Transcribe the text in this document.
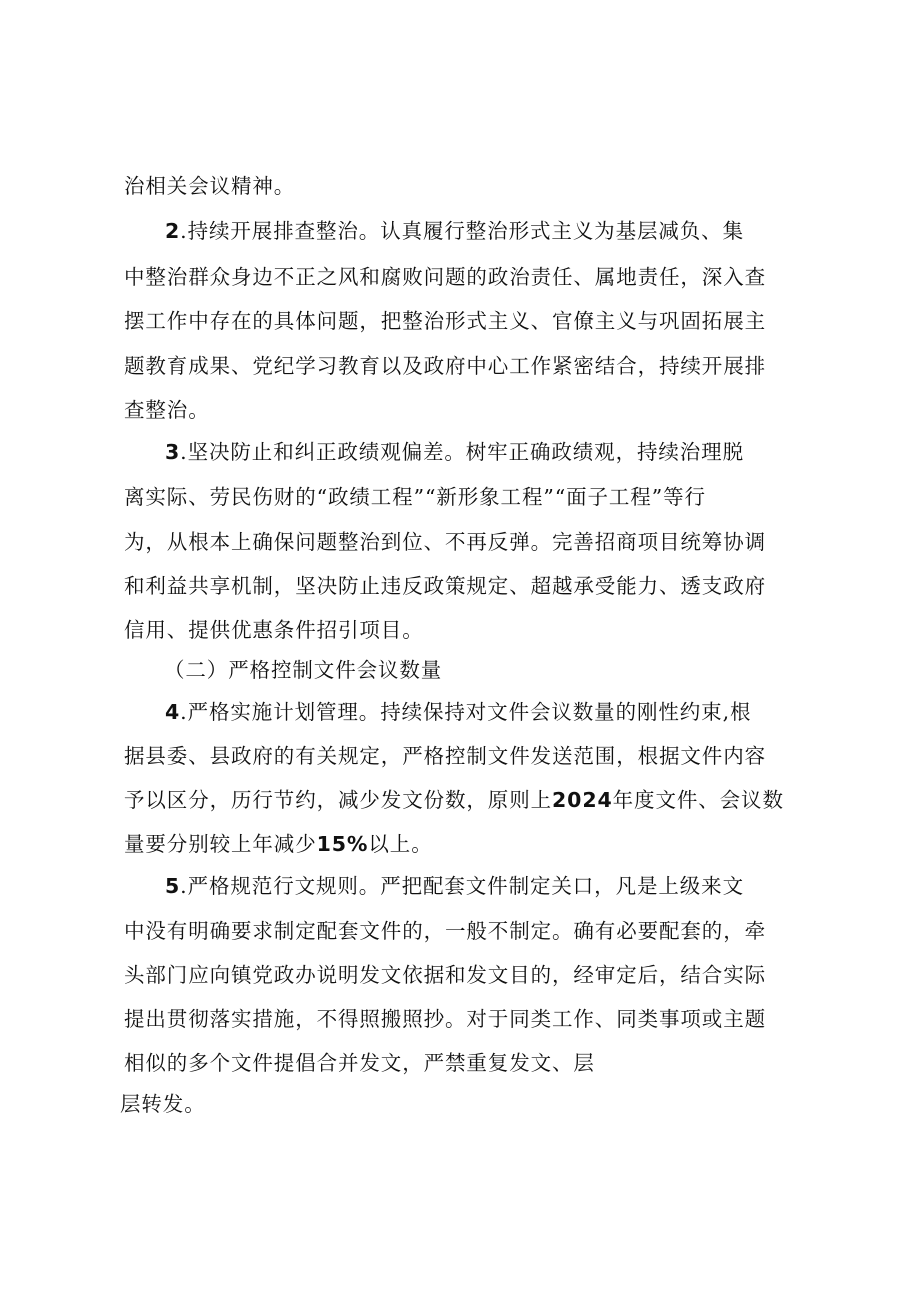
治相关会议精神。
2.持续开展排查整治。认真履行整治形式主义为基层减负、集
中整治群众身边不正之风和腐败问题的政治责任、属地责任，深入查
摆工作中存在的具体问题，把整治形式主义、官僚主义与巩固拓展主
题教育成果、党纪学习教育以及政府中心工作紧密结合，持续开展排
查整治。
3.坚决防止和纠正政绩观偏差。树牢正确政绩观，持续治理脱
离实际、劳民伤财的“政绩工程”“新形象工程”“面子工程”等行
为，从根本上确保问题整治到位、不再反弹。完善招商项目统筹协调
和利益共享机制，坚决防止违反政策规定、超越承受能力、透支政府
信用、提供优惠条件招引项目。
（二）严格控制文件会议数量
4.严格实施计划管理。持续保持对文件会议数量的刚性约束,根
据县委、县政府的有关规定，严格控制文件发送范围，根据文件内容
予以区分，历行节约，减少发文份数，原则上2024年度文件、会议数
量要分别较上年减少15%以上。
5.严格规范行文规则。严把配套文件制定关口，凡是上级来文
中没有明确要求制定配套文件的，一般不制定。确有必要配套的，牵
头部门应向镇党政办说明发文依据和发文目的，经审定后，结合实际
提出贯彻落实措施，不得照搬照抄。对于同类工作、同类事项或主题
相似的多个文件提倡合并发文，严禁重复发文、层
层转发。
